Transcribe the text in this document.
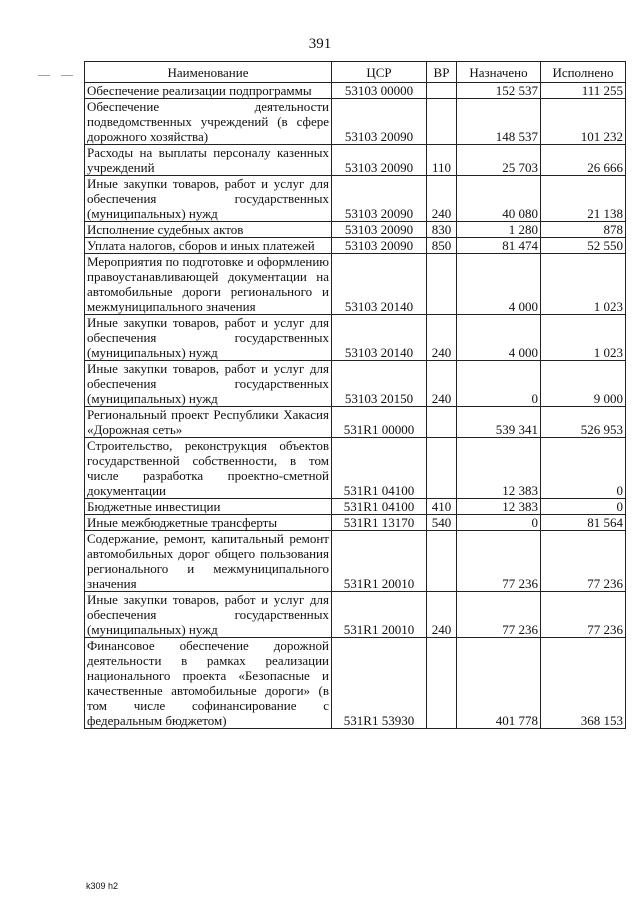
391
— —	Наименование	ЦСР	ВР	Назначено	Исполнено
Обеспечение реализации подпрограммы	53103 00000		152 537	111 255
Обеспечение деятельности подведомственных учреждений (в сфере дорожного хозяйства)	53103 20090		148 537	101 232
Расходы на выплаты персоналу казенных учреждений	53103 20090	110	25 703	26 666
Иные закупки товаров, работ и услуг для обеспечения государственных (муниципальных) нужд	53103 20090	240	40 080	21 138
Исполнение судебных актов	53103 20090	830	1 280	878
Уплата налогов, сборов и иных платежей	53103 20090	850	81 474	52 550
Мероприятия по подготовке и оформлению правоустанавливающей документации на автомобильные дороги регионального и межмуниципального значения	53103 20140		4 000	1 023
Иные закупки товаров, работ и услуг для обеспечения государственных (муниципальных) нужд	53103 20140	240	4 000	1 023
Иные закупки товаров, работ и услуг для обеспечения государственных (муниципальных) нужд	53103 20150	240	0	9 000
Региональный проект Республики Хакасия «Дорожная сеть»	531R1 00000		539 341	526 953
Строительство, реконструкция объектов государственной собственности, в том числе разработка проектно-сметной документации	531R1 04100		12 383	0
Бюджетные инвестиции	531R1 04100	410	12 383	0
Иные межбюджетные трансферты	531R1 13170	540	0	81 564
Содержание, ремонт, капитальный ремонт автомобильных дорог общего пользования регионального и межмуниципального значения	531R1 20010		77 236	77 236
Иные закупки товаров, работ и услуг для обеспечения государственных (муниципальных) нужд	531R1 20010	240	77 236	77 236
Финансовое обеспечение дорожной деятельности в рамках реализации национального проекта «Безопасные и качественные автомобильные дороги» (в том числе софинансирование с федеральным бюджетом)	531R1 53930		401 778	368 153
k309 h2
